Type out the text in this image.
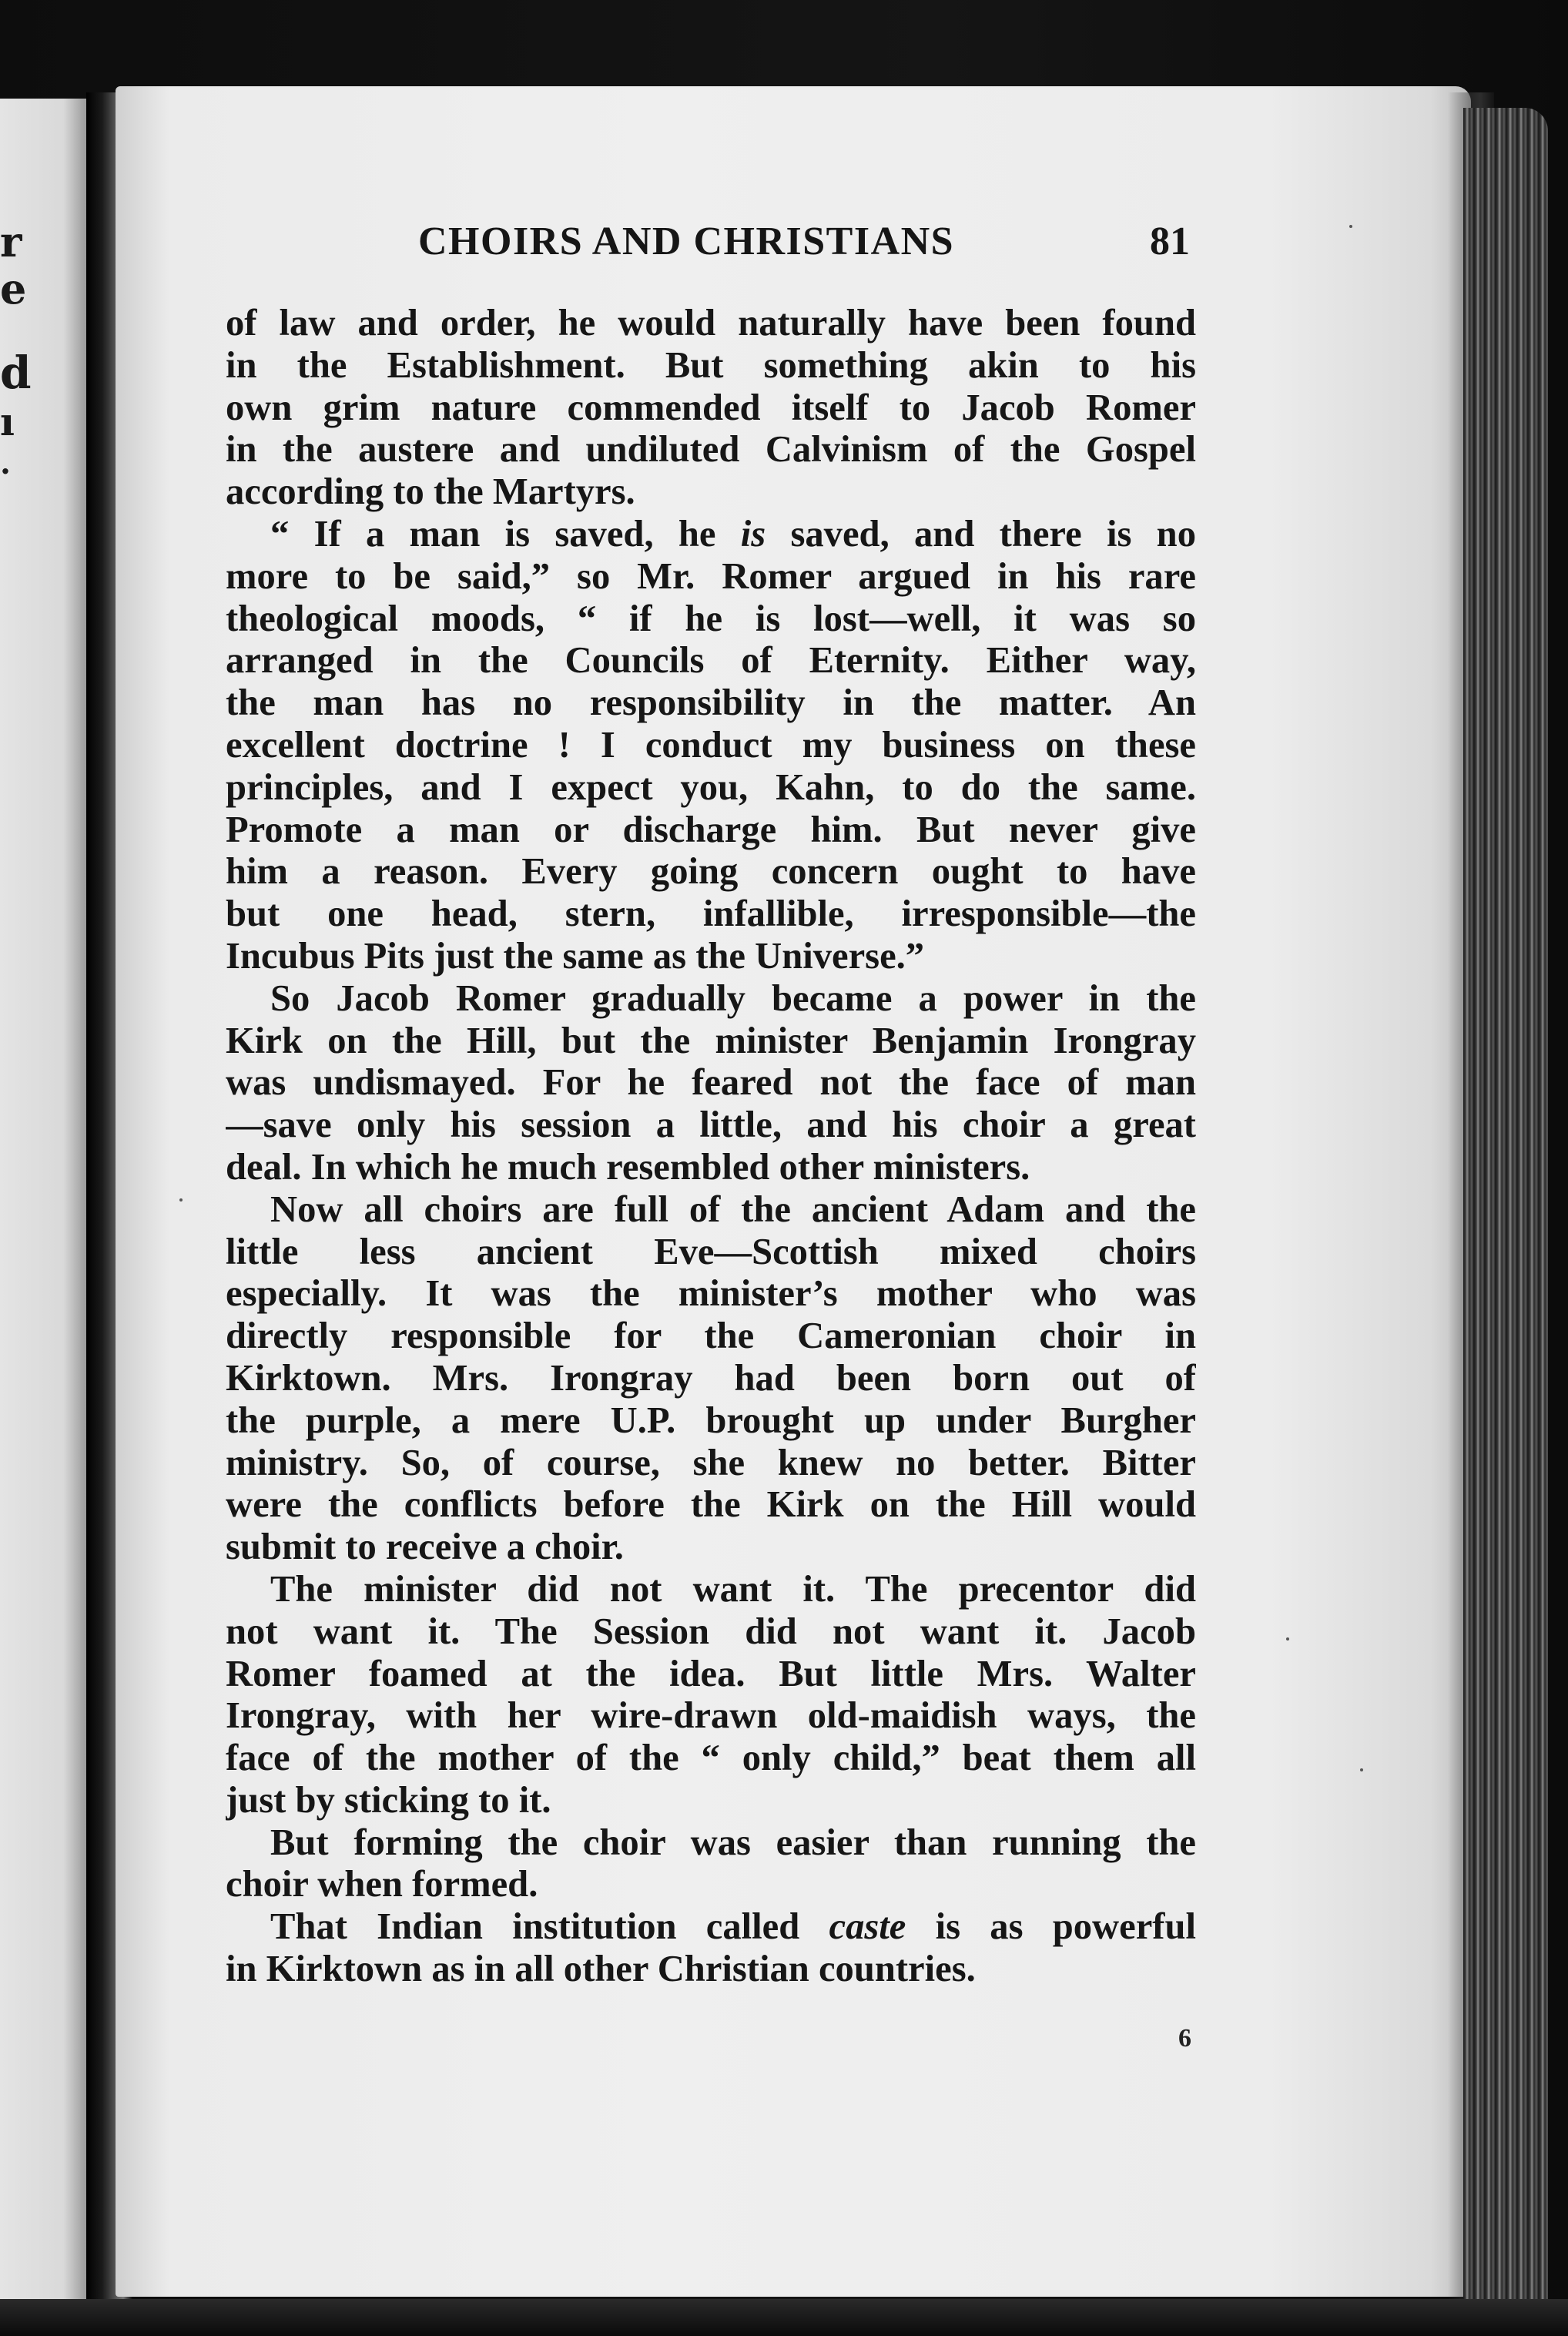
r
e
d
ı
.
CHOIRS AND CHRISTIANS	81
of law and order, he would naturally have been found
in the Establishment. But something akin to his
own grim nature commended itself to Jacob Romer
in the austere and undiluted Calvinism of the Gospel
according to the Martyrs.
“ If a man is saved, he is saved, and there is no
more to be said,” so Mr. Romer argued in his rare
theological moods, “ if he is lost—well, it was so
arranged in the Councils of Eternity. Either way,
the man has no responsibility in the matter. An
excellent doctrine ! I conduct my business on these
principles, and I expect you, Kahn, to do the same.
Promote a man or discharge him. But never give
him a reason. Every going concern ought to have
but one head, stern, infallible, irresponsible—the
Incubus Pits just the same as the Universe.”
So Jacob Romer gradually became a power in the
Kirk on the Hill, but the minister Benjamin Irongray
was undismayed. For he feared not the face of man
—save only his session a little, and his choir a great
deal. In which he much resembled other ministers.
Now all choirs are full of the ancient Adam and the
little less ancient Eve—Scottish mixed choirs
especially. It was the minister’s mother who was
directly responsible for the Cameronian choir in
Kirktown. Mrs. Irongray had been born out of
the purple, a mere U.P. brought up under Burgher
ministry. So, of course, she knew no better. Bitter
were the conflicts before the Kirk on the Hill would
submit to receive a choir.
The minister did not want it. The precentor did
not want it. The Session did not want it. Jacob
Romer foamed at the idea. But little Mrs. Walter
Irongray, with her wire-drawn old-maidish ways, the
face of the mother of the “ only child,” beat them all
just by sticking to it.
But forming the choir was easier than running the
choir when formed.
That Indian institution called caste is as powerful
in Kirktown as in all other Christian countries.
6
